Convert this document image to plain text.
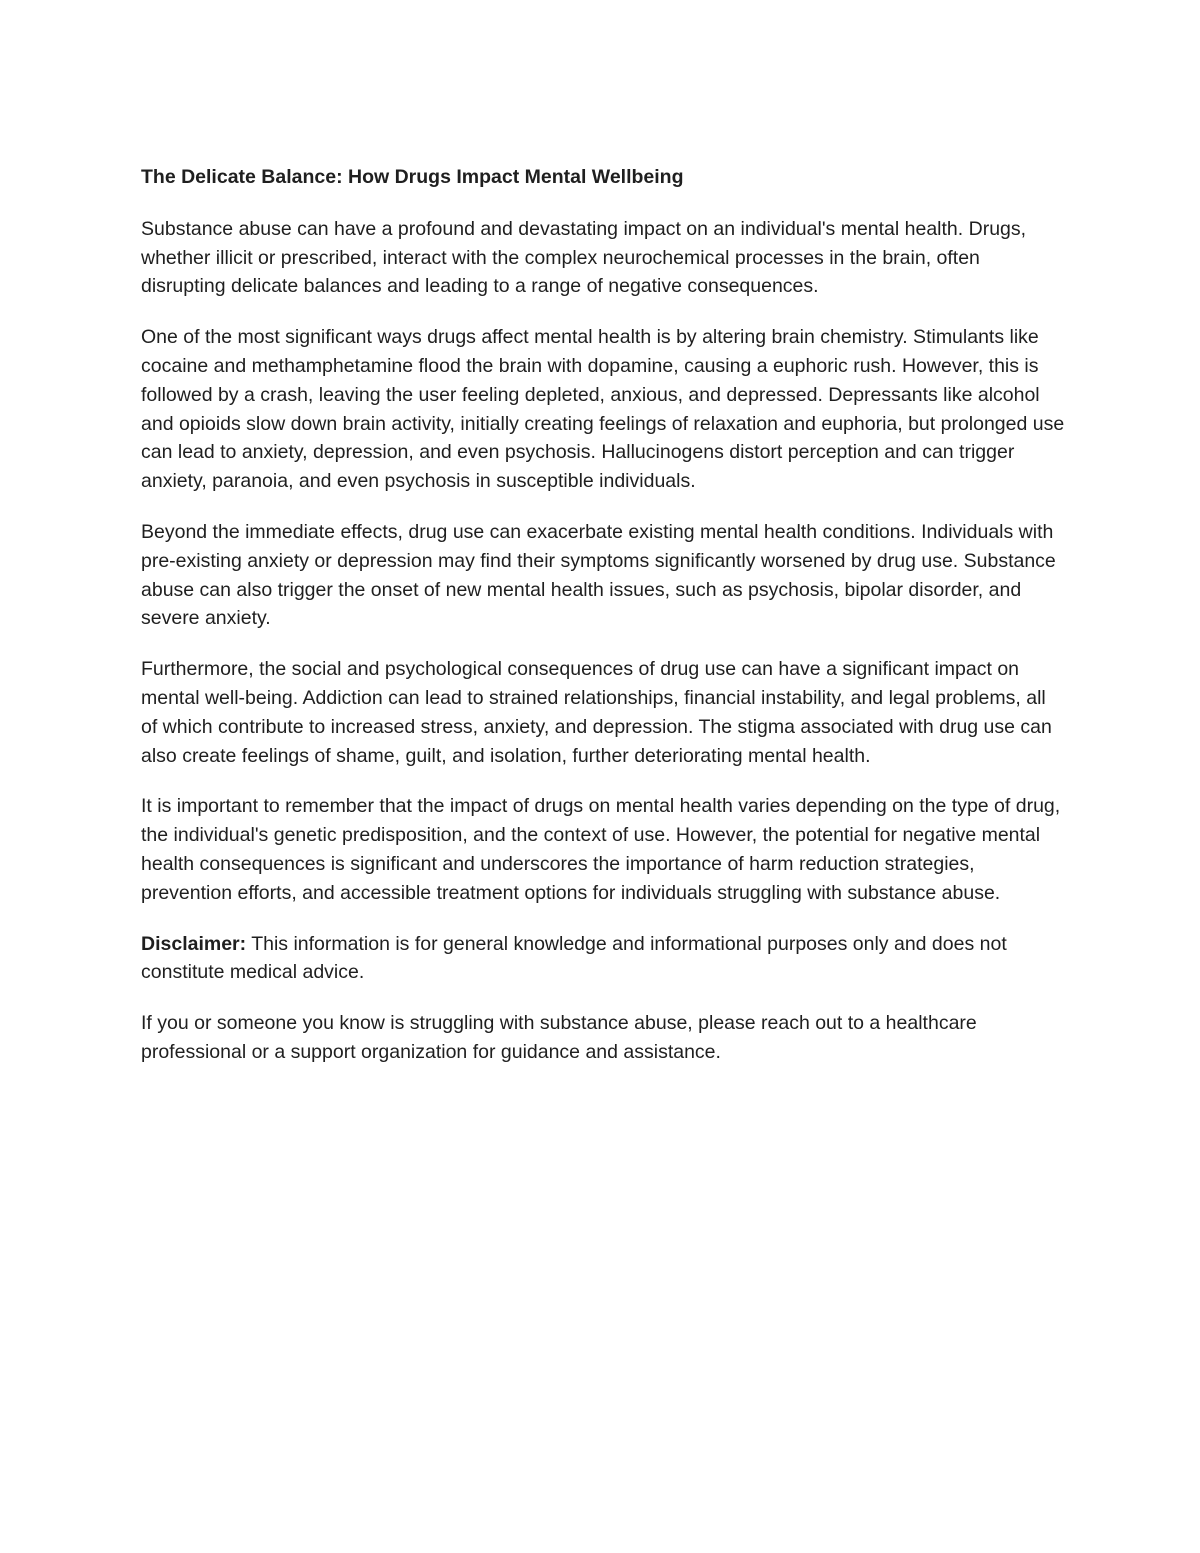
The Delicate Balance: How Drugs Impact Mental Wellbeing

Substance abuse can have a profound and devastating impact on an individual's mental health. Drugs, whether illicit or prescribed, interact with the complex neurochemical processes in the brain, often disrupting delicate balances and leading to a range of negative consequences.

One of the most significant ways drugs affect mental health is by altering brain chemistry. Stimulants like cocaine and methamphetamine flood the brain with dopamine, causing a euphoric rush. However, this is followed by a crash, leaving the user feeling depleted, anxious, and depressed. Depressants like alcohol and opioids slow down brain activity, initially creating feelings of relaxation and euphoria, but prolonged use can lead to anxiety, depression, and even psychosis. Hallucinogens distort perception and can trigger anxiety, paranoia, and even psychosis in susceptible individuals.

Beyond the immediate effects, drug use can exacerbate existing mental health conditions. Individuals with pre-existing anxiety or depression may find their symptoms significantly worsened by drug use. Substance abuse can also trigger the onset of new mental health issues, such as psychosis, bipolar disorder, and severe anxiety.

Furthermore, the social and psychological consequences of drug use can have a significant impact on mental well-being. Addiction can lead to strained relationships, financial instability, and legal problems, all of which contribute to increased stress, anxiety, and depression. The stigma associated with drug use can also create feelings of shame, guilt, and isolation, further deteriorating mental health.

It is important to remember that the impact of drugs on mental health varies depending on the type of drug, the individual's genetic predisposition, and the context of use. However, the potential for negative mental health consequences is significant and underscores the importance of harm reduction strategies, prevention efforts, and accessible treatment options for individuals struggling with substance abuse.

Disclaimer: This information is for general knowledge and informational purposes only and does not constitute medical advice.

If you or someone you know is struggling with substance abuse, please reach out to a healthcare professional or a support organization for guidance and assistance.
